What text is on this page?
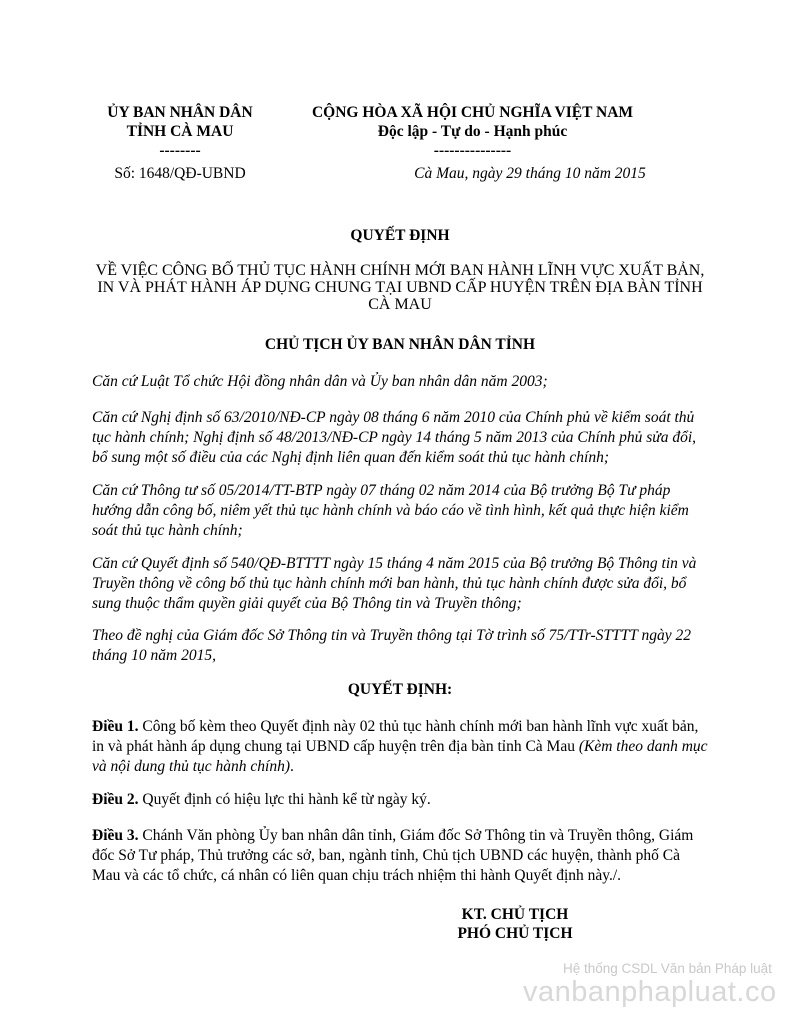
ỦY BAN NHÂN DÂN
TỈNH CÀ MAU
--------
Số: 1648/QĐ-UBND
CỘNG HÒA XÃ HỘI CHỦ NGHĨA VIỆT NAM
Độc lập - Tự do - Hạnh phúc
---------------
Cà Mau, ngày 29 tháng 10 năm 2015
QUYẾT ĐỊNH
VỀ VIỆC CÔNG BỐ THỦ TỤC HÀNH CHÍNH MỚI BAN HÀNH LĨNH VỰC XUẤT BẢN,
IN VÀ PHÁT HÀNH ÁP DỤNG CHUNG TẠI UBND CẤP HUYỆN TRÊN ĐỊA BÀN TỈNH
CÀ MAU
CHỦ TỊCH ỦY BAN NHÂN DÂN TỈNH
Căn cứ Luật Tổ chức Hội đồng nhân dân và Ủy ban nhân dân năm 2003;
Căn cứ Nghị định số 63/2010/NĐ-CP ngày 08 tháng 6 năm 2010 của Chính phủ về kiểm soát thủ tục hành chính; Nghị định số 48/2013/NĐ-CP ngày 14 tháng 5 năm 2013 của Chính phủ sửa đổi, bổ sung một số điều của các Nghị định liên quan đến kiểm soát thủ tục hành chính;
Căn cứ Thông tư số 05/2014/TT-BTP ngày 07 tháng 02 năm 2014 của Bộ trưởng Bộ Tư pháp hướng dẫn công bố, niêm yết thủ tục hành chính và báo cáo về tình hình, kết quả thực hiện kiểm soát thủ tục hành chính;
Căn cứ Quyết định số 540/QĐ-BTTTT ngày 15 tháng 4 năm 2015 của Bộ trưởng Bộ Thông tin và Truyền thông về công bố thủ tục hành chính mới ban hành, thủ tục hành chính được sửa đổi, bổ sung thuộc thẩm quyền giải quyết của Bộ Thông tin và Truyền thông;
Theo đề nghị của Giám đốc Sở Thông tin và Truyền thông tại Tờ trình số 75/TTr-STTTT ngày 22 tháng 10 năm 2015,
QUYẾT ĐỊNH:
Điều 1. Công bố kèm theo Quyết định này 02 thủ tục hành chính mới ban hành lĩnh vực xuất bản, in và phát hành áp dụng chung tại UBND cấp huyện trên địa bàn tỉnh Cà Mau (Kèm theo danh mục và nội dung thủ tục hành chính).
Điều 2. Quyết định có hiệu lực thi hành kể từ ngày ký.
Điều 3. Chánh Văn phòng Ủy ban nhân dân tỉnh, Giám đốc Sở Thông tin và Truyền thông, Giám đốc Sở Tư pháp, Thủ trưởng các sở, ban, ngành tỉnh, Chủ tịch UBND các huyện, thành phố Cà Mau và các tổ chức, cá nhân có liên quan chịu trách nhiệm thi hành Quyết định này./.
KT. CHỦ TỊCH
PHÓ CHỦ TỊCH
Hệ thống CSDL Văn bản Pháp luật
vanbanphapluat.co
